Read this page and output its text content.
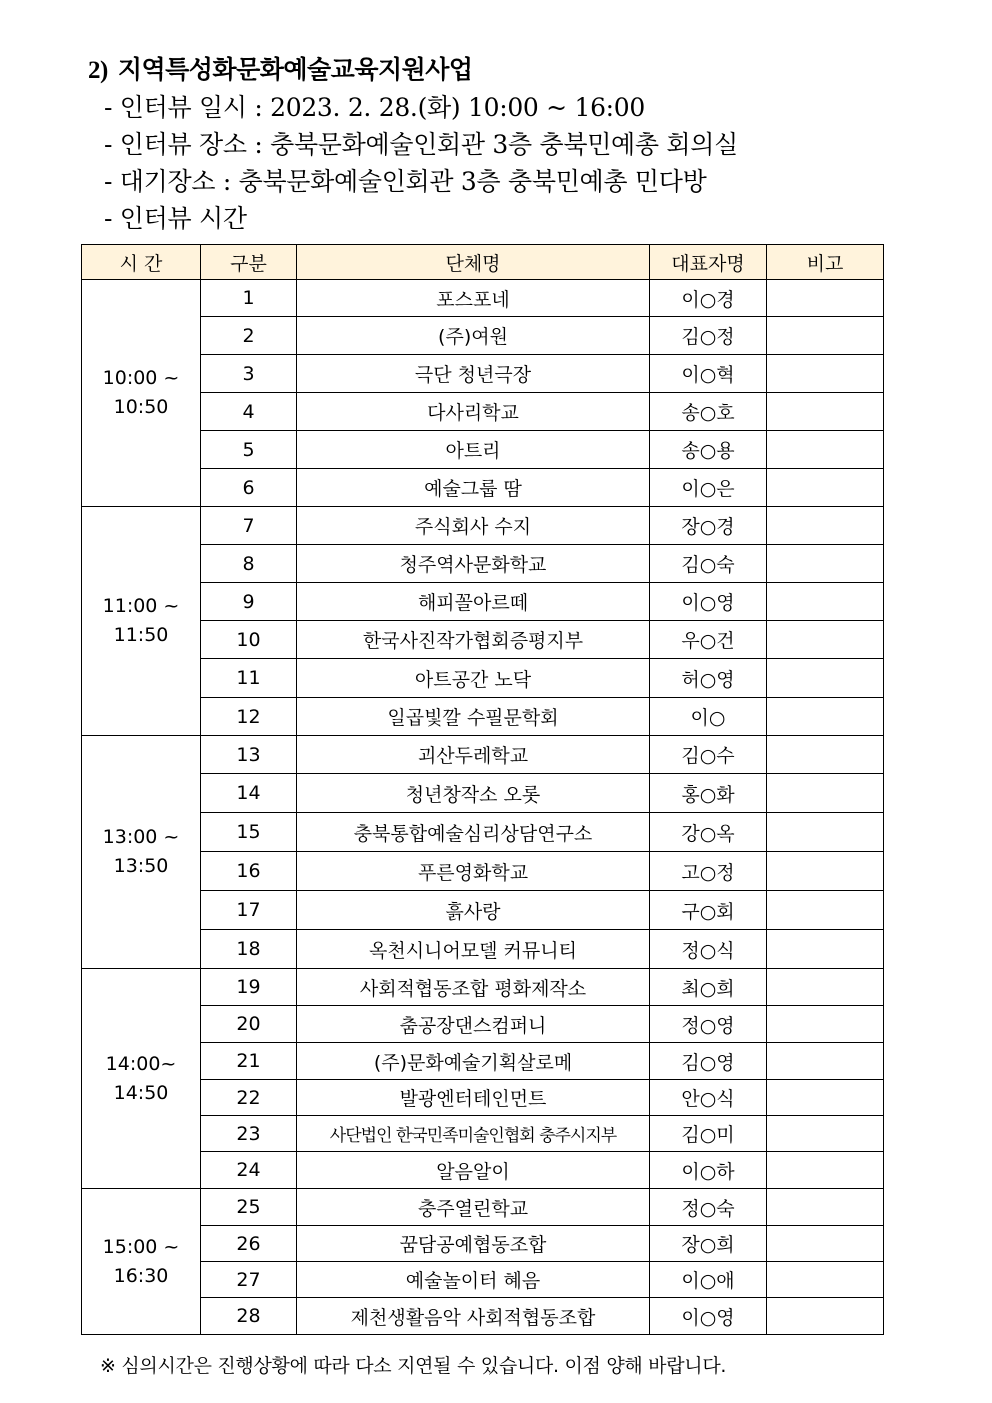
2) 지역특성화문화예술교육지원사업
- 인터뷰 일시 : 2023. 2. 28.(화) 10:00 ~ 16:00
- 인터뷰 장소 : 충북문화예술인회관 3층 충북민예총 회의실
- 대기장소 : 충북문화예술인회관 3층 충북민예총 민다방
- 인터뷰 시간
시 간	구분	단체명	대표자명	비고

10:00 ~
10:50	1	포스포네	이○경	
	2	(주)여원	김○정	
	3	극단 청년극장	이○혁	
	4	다사리학교	송○호	
	5	아트리	송○용	
	6	예술그룹 땀	이○은	

11:00 ~
11:50	7	주식회사 수지	장○경	
	8	청주역사문화학교	김○숙	
	9	해피꼴아르떼	이○영	
	10	한국사진작가협회증평지부	우○건	
	11	아트공간 노닥	허○영	
	12	일곱빛깔 수필문학회	이○	

13:00 ~
13:50	13	괴산두레학교	김○수	
	14	청년창작소 오롯	홍○화	
	15	충북통합예술심리상담연구소	강○옥	
	16	푸른영화학교	고○정	
	17	흙사랑	구○회	
	18	옥천시니어모델 커뮤니티	정○식	

14:00~
14:50	19	사회적협동조합 평화제작소	최○희	
	20	춤공장댄스컴퍼니	정○영	
	21	(주)문화예술기획살로메	김○영	
	22	발광엔터테인먼트	안○식	
	23	사단법인 한국민족미술인협회 충주시지부	김○미	
	24	알음알이	이○하	

15:00 ~
16:30	25	충주열린학교	정○숙	
	26	꿈담공예협동조합	장○희	
	27	예술놀이터 혜음	이○애	
	28	제천생활음악 사회적협동조합	이○영	
※ 심의시간은 진행상황에 따라 다소 지연될 수 있습니다. 이점 양해 바랍니다.
